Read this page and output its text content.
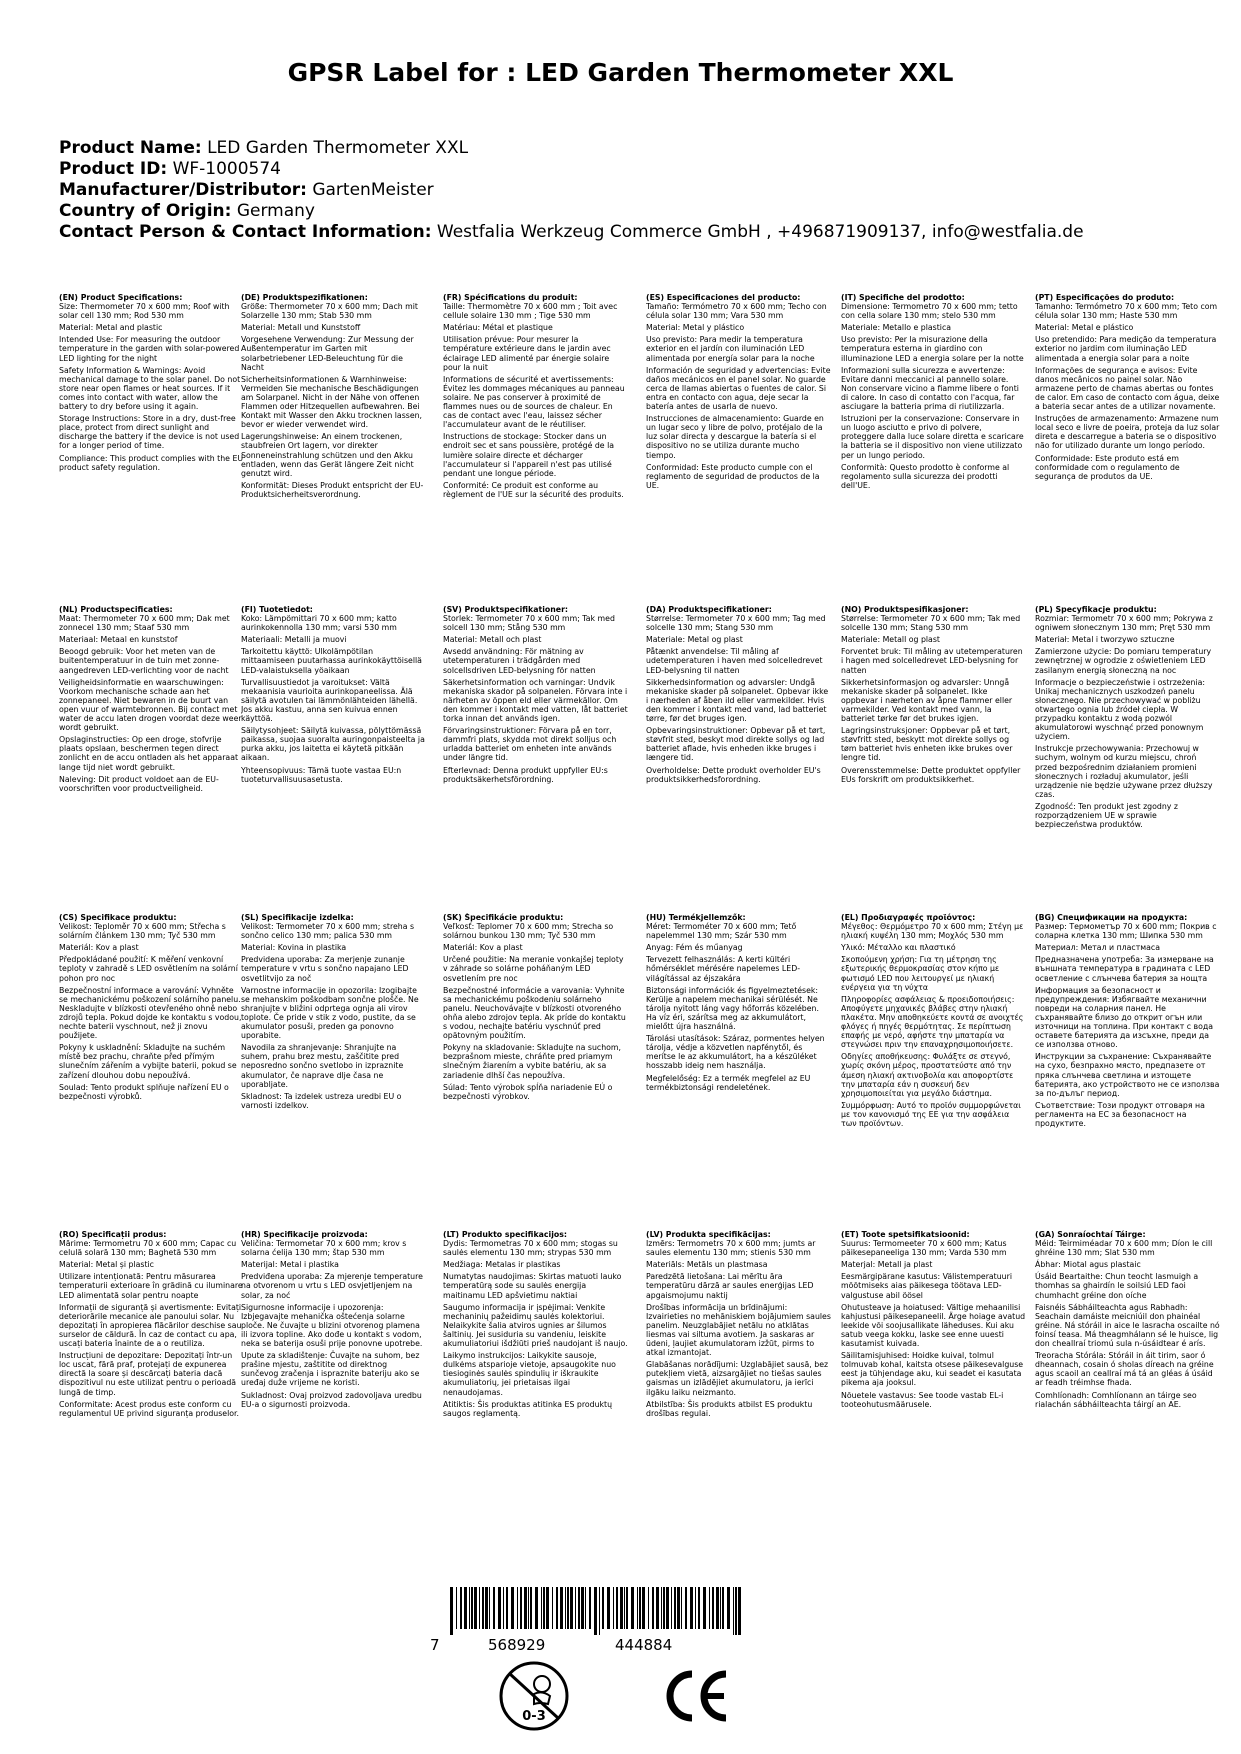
GPSR Label for : LED Garden Thermometer XXL
Product Name: LED Garden Thermometer XXL
Product ID: WF-1000574
Manufacturer/Distributor: GartenMeister
Country of Origin: Germany
Contact Person & Contact Information: Westfalia Werkzeug Commerce GmbH , +496871909137, info@westfalia.de
(EN) Product Specifications:

Size: Thermometer 70 x 600 mm; Roof with solar cell 130 mm; Rod 530 mm

Material: Metal and plastic

Intended Use: For measuring the outdoor temperature in the garden with solar-powered LED lighting for the night

Safety Information & Warnings: Avoid mechanical damage to the solar panel. Do not store near open flames or heat sources. If it comes into contact with water, allow the battery to dry before using it again.

Storage Instructions: Store in a dry, dust-free place, protect from direct sunlight and discharge the battery if the device is not used for a longer period of time.

Compliance: This product complies with the EU product safety regulation.

(DE) Produktspezifikationen:

Größe: Thermometer 70 x 600 mm; Dach mit Solarzelle 130 mm; Stab 530 mm

Material: Metall und Kunststoff

Vorgesehene Verwendung: Zur Messung der Außentemperatur im Garten mit solarbetriebener LED-Beleuchtung für die Nacht

Sicherheitsinformationen & Warnhinweise: Vermeiden Sie mechanische Beschädigungen am Solarpanel. Nicht in der Nähe von offenen Flammen oder Hitzequellen aufbewahren. Bei Kontakt mit Wasser den Akku trocknen lassen, bevor er wieder verwendet wird.

Lagerungshinweise: An einem trockenen, staubfreien Ort lagern, vor direkter Sonneneinstrahlung schützen und den Akku entladen, wenn das Gerät längere Zeit nicht genutzt wird.

Konformität: Dieses Produkt entspricht der EU-Produktsicherheitsverordnung.

(FR) Spécifications du produit:

Taille: Thermomètre 70 x 600 mm ; Toit avec cellule solaire 130 mm ; Tige 530 mm

Matériau: Métal et plastique

Utilisation prévue: Pour mesurer la température extérieure dans le jardin avec éclairage LED alimenté par énergie solaire pour la nuit

Informations de sécurité et avertissements: Évitez les dommages mécaniques au panneau solaire. Ne pas conserver à proximité de flammes nues ou de sources de chaleur. En cas de contact avec l'eau, laissez sécher l'accumulateur avant de le réutiliser.

Instructions de stockage: Stocker dans un endroit sec et sans poussière, protégé de la lumière solaire directe et décharger l'accumulateur si l'appareil n'est pas utilisé pendant une longue période.

Conformité: Ce produit est conforme au règlement de l'UE sur la sécurité des produits.

(ES) Especificaciones del producto:

Tamaño: Termómetro 70 x 600 mm; Techo con célula solar 130 mm; Vara 530 mm

Material: Metal y plástico

Uso previsto: Para medir la temperatura exterior en el jardín con iluminación LED alimentada por energía solar para la noche

Información de seguridad y advertencias: Evite daños mecánicos en el panel solar. No guarde cerca de llamas abiertas o fuentes de calor. Si entra en contacto con agua, deje secar la batería antes de usarla de nuevo.

Instrucciones de almacenamiento: Guarde en un lugar seco y libre de polvo, protéjalo de la luz solar directa y descargue la batería si el dispositivo no se utiliza durante mucho tiempo.

Conformidad: Este producto cumple con el reglamento de seguridad de productos de la UE.

(IT) Specifiche del prodotto:

Dimensione: Termometro 70 x 600 mm; tetto con cella solare 130 mm; stelo 530 mm

Materiale: Metallo e plastica

Uso previsto: Per la misurazione della temperatura esterna in giardino con illuminazione LED a energia solare per la notte

Informazioni sulla sicurezza e avvertenze: Evitare danni meccanici al pannello solare. Non conservare vicino a fiamme libere o fonti di calore. In caso di contatto con l'acqua, far asciugare la batteria prima di riutilizzarla.

Istruzioni per la conservazione: Conservare in un luogo asciutto e privo di polvere, proteggere dalla luce solare diretta e scaricare la batteria se il dispositivo non viene utilizzato per un lungo periodo.

Conformità: Questo prodotto è conforme al regolamento sulla sicurezza dei prodotti dell'UE.

(PT) Especificações do produto:

Tamanho: Termómetro 70 x 600 mm; Teto com célula solar 130 mm; Haste 530 mm

Material: Metal e plástico

Uso pretendido: Para medição da temperatura exterior no jardim com iluminação LED alimentada a energia solar para a noite

Informações de segurança e avisos: Evite danos mecânicos no painel solar. Não armazene perto de chamas abertas ou fontes de calor. Em caso de contacto com água, deixe a bateria secar antes de a utilizar novamente.

Instruções de armazenamento: Armazene num local seco e livre de poeira, proteja da luz solar direta e descarregue a bateria se o dispositivo não for utilizado durante um longo período.

Conformidade: Este produto está em conformidade com o regulamento de segurança de produtos da UE.

(NL) Productspecificaties:

Maat: Thermometer 70 x 600 mm; Dak met zonnecel 130 mm; Staaf 530 mm

Materiaal: Metaal en kunststof

Beoogd gebruik: Voor het meten van de buitentemperatuur in de tuin met zonne-aangedreven LED-verlichting voor de nacht

Veiligheidsinformatie en waarschuwingen: Voorkom mechanische schade aan het zonnepaneel. Niet bewaren in de buurt van open vuur of warmtebronnen. Bij contact met water de accu laten drogen voordat deze weer wordt gebruikt.

Opslaginstructies: Op een droge, stofvrije plaats opslaan, beschermen tegen direct zonlicht en de accu ontladen als het apparaat lange tijd niet wordt gebruikt.

Naleving: Dit product voldoet aan de EU-voorschriften voor productveiligheid.

(FI) Tuotetiedot:

Koko: Lämpömittari 70 x 600 mm; katto aurinkokennolla 130 mm; varsi 530 mm

Materiaali: Metalli ja muovi

Tarkoitettu käyttö: Ulkolämpötilan mittaamiseen puutarhassa aurinkokäyttöisellä LED-valaistuksella yöaikaan

Turvallisuustiedot ja varoitukset: Vältä mekaanisia vaurioita aurinkopaneelissa. Älä säilytä avotulen tai lämmönlähteiden lähellä. Jos akku kastuu, anna sen kuivua ennen käyttöä.

Säilytysohjeet: Säilytä kuivassa, pölyttömässä paikassa, suojaa suoralta auringonpaisteelta ja purka akku, jos laitetta ei käytetä pitkään aikaan.

Yhteensopivuus: Tämä tuote vastaa EU:n tuoteturvallisuusasetusta.

(SV) Produktspecifikationer:

Storlek: Termometer 70 x 600 mm; Tak med solcell 130 mm; Stång 530 mm

Material: Metall och plast

Avsedd användning: För mätning av utetemperaturen i trädgården med solcellsdriven LED-belysning för natten

Säkerhetsinformation och varningar: Undvik mekaniska skador på solpanelen. Förvara inte i närheten av öppen eld eller värmekällor. Om den kommer i kontakt med vatten, låt batteriet torka innan det används igen.

Förvaringsinstruktioner: Förvara på en torr, dammfri plats, skydda mot direkt solljus och urladda batteriet om enheten inte används under längre tid.

Efterlevnad: Denna produkt uppfyller EU:s produktsäkerhetsförordning.

(DA) Produktspecifikationer:

Størrelse: Termometer 70 x 600 mm; Tag med solcelle 130 mm; Stang 530 mm

Materiale: Metal og plast

Påtænkt anvendelse: Til måling af udetemperaturen i haven med solcelledrevet LED-belysning til natten

Sikkerhedsinformation og advarsler: Undgå mekaniske skader på solpanelet. Opbevar ikke i nærheden af åben ild eller varmekilder. Hvis den kommer i kontakt med vand, lad batteriet tørre, før det bruges igen.

Opbevaringsinstruktioner: Opbevar på et tørt, støvfrit sted, beskyt mod direkte sollys og lad batteriet aflade, hvis enheden ikke bruges i længere tid.

Overholdelse: Dette produkt overholder EU's produktsikkerhedsforordning.

(NO) Produktspesifikasjoner:

Størrelse: Termometer 70 x 600 mm; Tak med solcelle 130 mm; Stang 530 mm

Materiale: Metall og plast

Forventet bruk: Til måling av utetemperaturen i hagen med solcelledrevet LED-belysning for natten

Sikkerhetsinformasjon og advarsler: Unngå mekaniske skader på solpanelet. Ikke oppbevar i nærheten av åpne flammer eller varmekilder. Ved kontakt med vann, la batteriet tørke før det brukes igjen.

Lagringsinstruksjoner: Oppbevar på et tørt, støvfritt sted, beskytt mot direkte sollys og tøm batteriet hvis enheten ikke brukes over lengre tid.

Overensstemmelse: Dette produktet oppfyller EUs forskrift om produktsikkerhet.

(PL) Specyfikacje produktu:

Rozmiar: Termometr 70 x 600 mm; Pokrywa z ogniwem słonecznym 130 mm; Pręt 530 mm

Materiał: Metal i tworzywo sztuczne

Zamierzone użycie: Do pomiaru temperatury zewnętrznej w ogrodzie z oświetleniem LED zasilanym energią słoneczną na noc

Informacje o bezpieczeństwie i ostrzeżenia: Unikaj mechanicznych uszkodzeń panelu słonecznego. Nie przechowywać w pobliżu otwartego ognia lub źródeł ciepła. W przypadku kontaktu z wodą pozwól akumulatorowi wyschnąć przed ponownym użyciem.

Instrukcje przechowywania: Przechowuj w suchym, wolnym od kurzu miejscu, chroń przed bezpośrednim działaniem promieni słonecznych i rozładuj akumulator, jeśli urządzenie nie będzie używane przez dłuższy czas.

Zgodność: Ten produkt jest zgodny z rozporządzeniem UE w sprawie bezpieczeństwa produktów.

(CS) Specifikace produktu:

Velikost: Teploměr 70 x 600 mm; Střecha s solárním článkem 130 mm; Tyč 530 mm

Materiál: Kov a plast

Předpokládané použití: K měření venkovní teploty v zahradě s LED osvětlením na solární pohon pro noc

Bezpečnostní informace a varování: Vyhněte se mechanickému poškození solárního panelu. Neskladujte v blízkosti otevřeného ohně nebo zdrojů tepla. Pokud dojde ke kontaktu s vodou, nechte baterii vyschnout, než ji znovu použijete.

Pokyny k uskladnění: Skladujte na suchém místě bez prachu, chraňte před přímým slunečním zářením a vybijte baterii, pokud se zařízení dlouhou dobu nepoužívá.

Soulad: Tento produkt splňuje nařízení EU o bezpečnosti výrobků.

(SL) Specifikacije izdelka:

Velikost: Termometer 70 x 600 mm; streha s sončno celico 130 mm; palica 530 mm

Material: Kovina in plastika

Predvidena uporaba: Za merjenje zunanje temperature v vrtu s sončno napajano LED osvetlitvijo za noč

Varnostne informacije in opozorila: Izogibajte se mehanskim poškodbam sončne plošče. Ne shranjujte v bližini odprtega ognja ali virov toplote. Če pride v stik z vodo, pustite, da se akumulator posuši, preden ga ponovno uporabite.

Navodila za shranjevanje: Shranjujte na suhem, prahu brez mestu, zaščitite pred neposredno sončno svetlobo in izpraznite akumulator, če naprave dlje časa ne uporabljate.

Skladnost: Ta izdelek ustreza uredbi EU o varnosti izdelkov.

(SK) Špecifikácie produktu:

Veľkosť: Teplomer 70 x 600 mm; Strecha so solárnou bunkou 130 mm; Tyč 530 mm

Materiál: Kov a plast

Určené použitie: Na meranie vonkajšej teploty v záhrade so solárne poháňaným LED osvetlením pre noc

Bezpečnostné informácie a varovania: Vyhnite sa mechanickému poškodeniu solárneho panelu. Neuchovávajte v blízkosti otvoreného ohňa alebo zdrojov tepla. Ak príde do kontaktu s vodou, nechajte batériu vyschnúť pred opätovným použitím.

Pokyny na skladovanie: Skladujte na suchom, bezprašnom mieste, chráňte pred priamym slnečným žiarením a vybite batériu, ak sa zariadenie dlhší čas nepoužíva.

Súlad: Tento výrobok spĺňa nariadenie EÚ o bezpečnosti výrobkov.

(HU) Termékjellemzők:

Méret: Termométer 70 x 600 mm; Tető napelemmel 130 mm; Szár 530 mm

Anyag: Fém és műanyag

Tervezett felhasználás: A kerti kültéri hőmérséklet mérésére napelemes LED-világítással az éjszakára

Biztonsági információk és figyelmeztetések: Kerülje a napelem mechanikai sérülését. Ne tárolja nyitott láng vagy hőforrás közelében. Ha víz éri, szárítsa meg az akkumulátort, mielőtt újra használná.

Tárolási utasítások: Száraz, pormentes helyen tárolja, védje a közvetlen napfénytől, és merítse le az akkumulátort, ha a készüléket hosszabb ideig nem használja.

Megfelelőség: Ez a termék megfelel az EU termékbiztonsági rendeletének.

(EL) Προδιαγραφές προϊόντος:

Μέγεθος: Θερμόμετρο 70 x 600 mm; Στέγη με ηλιακή κυψέλη 130 mm; Μοχλός 530 mm

Υλικό: Μέταλλο και πλαστικό

Σκοπούμενη χρήση: Για τη μέτρηση της εξωτερικής θερμοκρασίας στον κήπο με φωτισμό LED που λειτουργεί με ηλιακή ενέργεια για τη νύχτα

Πληροφορίες ασφάλειας & προειδοποιήσεις: Αποφύγετε μηχανικές βλάβες στην ηλιακή πλακέτα. Μην αποθηκεύετε κοντά σε ανοιχτές φλόγες ή πηγές θερμότητας. Σε περίπτωση επαφής με νερό, αφήστε την μπαταρία να στεγνώσει πριν την επαναχρησιμοποιήσετε.

Οδηγίες αποθήκευσης: Φυλάξτε σε στεγνό, χωρίς σκόνη μέρος, προστατεύστε από την άμεση ηλιακή ακτινοβολία και αποφορτίστε την μπαταρία εάν η συσκευή δεν χρησιμοποιείται για μεγάλο διάστημα.

Συμμόρφωση: Αυτό το προϊόν συμμορφώνεται με τον κανονισμό της ΕΕ για την ασφάλεια των προϊόντων.

(BG) Спецификации на продукта:

Размер: Термометър 70 x 600 mm; Покрив с соларна клетка 130 mm; Шипка 530 mm

Материал: Метал и пластмаса

Предназначена употреба: За измерване на външната температура в градината с LED осветление с слънчева батерия за нощта

Информация за безопасност и предупреждения: Избягвайте механични повреди на соларния панел. Не съхранявайте близо до открит огън или източници на топлина. При контакт с вода оставете батерията да изсъхне, преди да се използва отново.

Инструкции за съхранение: Съхранявайте на сухо, безпрахно място, предпазете от пряка слънчева светлина и изтощете батерията, ако устройството не се използва за по-дълъг период.

Съответствие: Този продукт отговаря на регламента на ЕС за безопасност на продуктите.

(RO) Specificații produs:

Mărime: Termometru 70 x 600 mm; Capac cu celulă solară 130 mm; Baghetă 530 mm

Material: Metal și plastic

Utilizare intenționată: Pentru măsurarea temperaturii exterioare în grădină cu iluminare LED alimentată solar pentru noapte

Informații de siguranță și avertismente: Evitați deteriorările mecanice ale panoului solar. Nu depozitați în apropierea flăcărilor deschise sau surselor de căldură. În caz de contact cu apa, uscați bateria înainte de a o reutiliza.

Instrucțiuni de depozitare: Depozitați într-un loc uscat, fără praf, protejați de expunerea directă la soare și descărcați bateria dacă dispozitivul nu este utilizat pentru o perioadă lungă de timp.

Conformitate: Acest produs este conform cu regulamentul UE privind siguranța produselor.

(HR) Specifikacije proizvoda:

Veličina: Termometar 70 x 600 mm; krov s solarna ćelija 130 mm; štap 530 mm

Materijal: Metal i plastika

Predviđena uporaba: Za mjerenje temperature na otvorenom u vrtu s LED osvjetljenjem na solar, za noć

Sigurnosne informacije i upozorenja: Izbjegavajte mehanička oštećenja solarne ploče. Ne čuvajte u blizini otvorenog plamena ili izvora topline. Ako dođe u kontakt s vodom, neka se baterija osuši prije ponovne upotrebe.

Upute za skladištenje: Čuvajte na suhom, bez prašine mjestu, zaštitite od direktnog sunčevog zračenja i ispraznite bateriju ako se uređaj duže vrijeme ne koristi.

Sukladnost: Ovaj proizvod zadovoljava uredbu EU-a o sigurnosti proizvoda.

(LT) Produkto specifikacijos:

Dydis: Termometras 70 x 600 mm; stogas su saulės elementu 130 mm; strypas 530 mm

Medžiaga: Metalas ir plastikas

Numatytas naudojimas: Skirtas matuoti lauko temperatūrą sode su saulės energija maitinamu LED apšvietimu naktiai

Saugumo informacija ir įspėjimai: Venkite mechaninių pažeidimų saulės kolektoriui. Nelaikykite šalia atviros ugnies ar šilumos šaltinių. Jei susiduria su vandeniu, leiskite akumuliatoriui išdžiūti prieš naudojant iš naujo.

Laikymo instrukcijos: Laikykite sausoje, dulkėms atsparioje vietoje, apsaugokite nuo tiesioginės saulės spindulių ir iškraukite akumuliatorių, jei prietaisas ilgai nenaudojamas.

Atitiktis: Šis produktas atitinka ES produktų saugos reglamentą.

(LV) Produkta specifikācijas:

Izmērs: Termometrs 70 x 600 mm; jumts ar saules elementu 130 mm; stienis 530 mm

Materiāls: Metāls un plastmasa

Paredzētā lietošana: Lai mērītu āra temperatūru dārzā ar saules enerģijas LED apgaismojumu naktij

Drošības informācija un brīdinājumi: Izvairieties no mehāniskiem bojājumiem saules panelim. Neuzglabājiet netālu no atklātas liesmas vai siltuma avotiem. Ja saskaras ar ūdeni, ļaujiet akumulatoram izžūt, pirms to atkal izmantojat.

Glabāšanas norādījumi: Uzglabājiet sausā, bez putekļiem vietā, aizsargājiet no tiešas saules gaismas un izlādējiet akumulatoru, ja ierīci ilgāku laiku neizmanto.

Atbilstība: Šis produkts atbilst ES produktu drošības regulai.

(ET) Toote spetsifikatsioonid:

Suurus: Termomeeter 70 x 600 mm; Katus päikesepaneeliga 130 mm; Varda 530 mm

Materjal: Metall ja plast

Eesmärgipärane kasutus: Välistemperatuuri mõõtmiseks aias päikesega töötava LED-valgustuse abil öösel

Ohutusteave ja hoiatused: Vältige mehaanilisi kahjustusi päikesepaneelil. Ärge hoiage avatud leekide või soojusallikate läheduses. Kui aku satub veega kokku, laske see enne uuesti kasutamist kuivada.

Säilitamisjuhised: Hoidke kuival, tolmul tolmuvab kohal, kaitsta otsese päikesevalguse eest ja tühjendage aku, kui seadet ei kasutata pikema aja jooksul.

Nõuetele vastavus: See toode vastab EL-i tooteohutusmäärusele.

(GA) Sonraíochtaí Táirge:

Méid: Teirmiméadar 70 x 600 mm; Díon le cill ghréine 130 mm; Slat 530 mm

Ábhar: Miotal agus plastaic

Úsáid Beartaithe: Chun teocht lasmuigh a thomhas sa ghairdín le soilsiú LED faoi chumhacht gréine don oíche

Faisnéis Sábháilteachta agus Rabhadh: Seachain damáiste meicniúil don phainéal gréine. Ná stóráil in aice le lasracha oscailte nó foinsí teasa. Má theagmhálann sé le huisce, lig don cheallraí triomú sula n-úsáidtear é arís.

Treoracha Stórála: Stóráil in áit tirim, saor ó dheannach, cosain ó sholas díreach na gréine agus scaoil an ceallraí má tá an gléas á úsáid ar feadh tréimhse fhada.

Comhlíonadh: Comhlíonann an táirge seo rialachán sábháilteachta táirgí an AE.

7	568929	444884
0-3
